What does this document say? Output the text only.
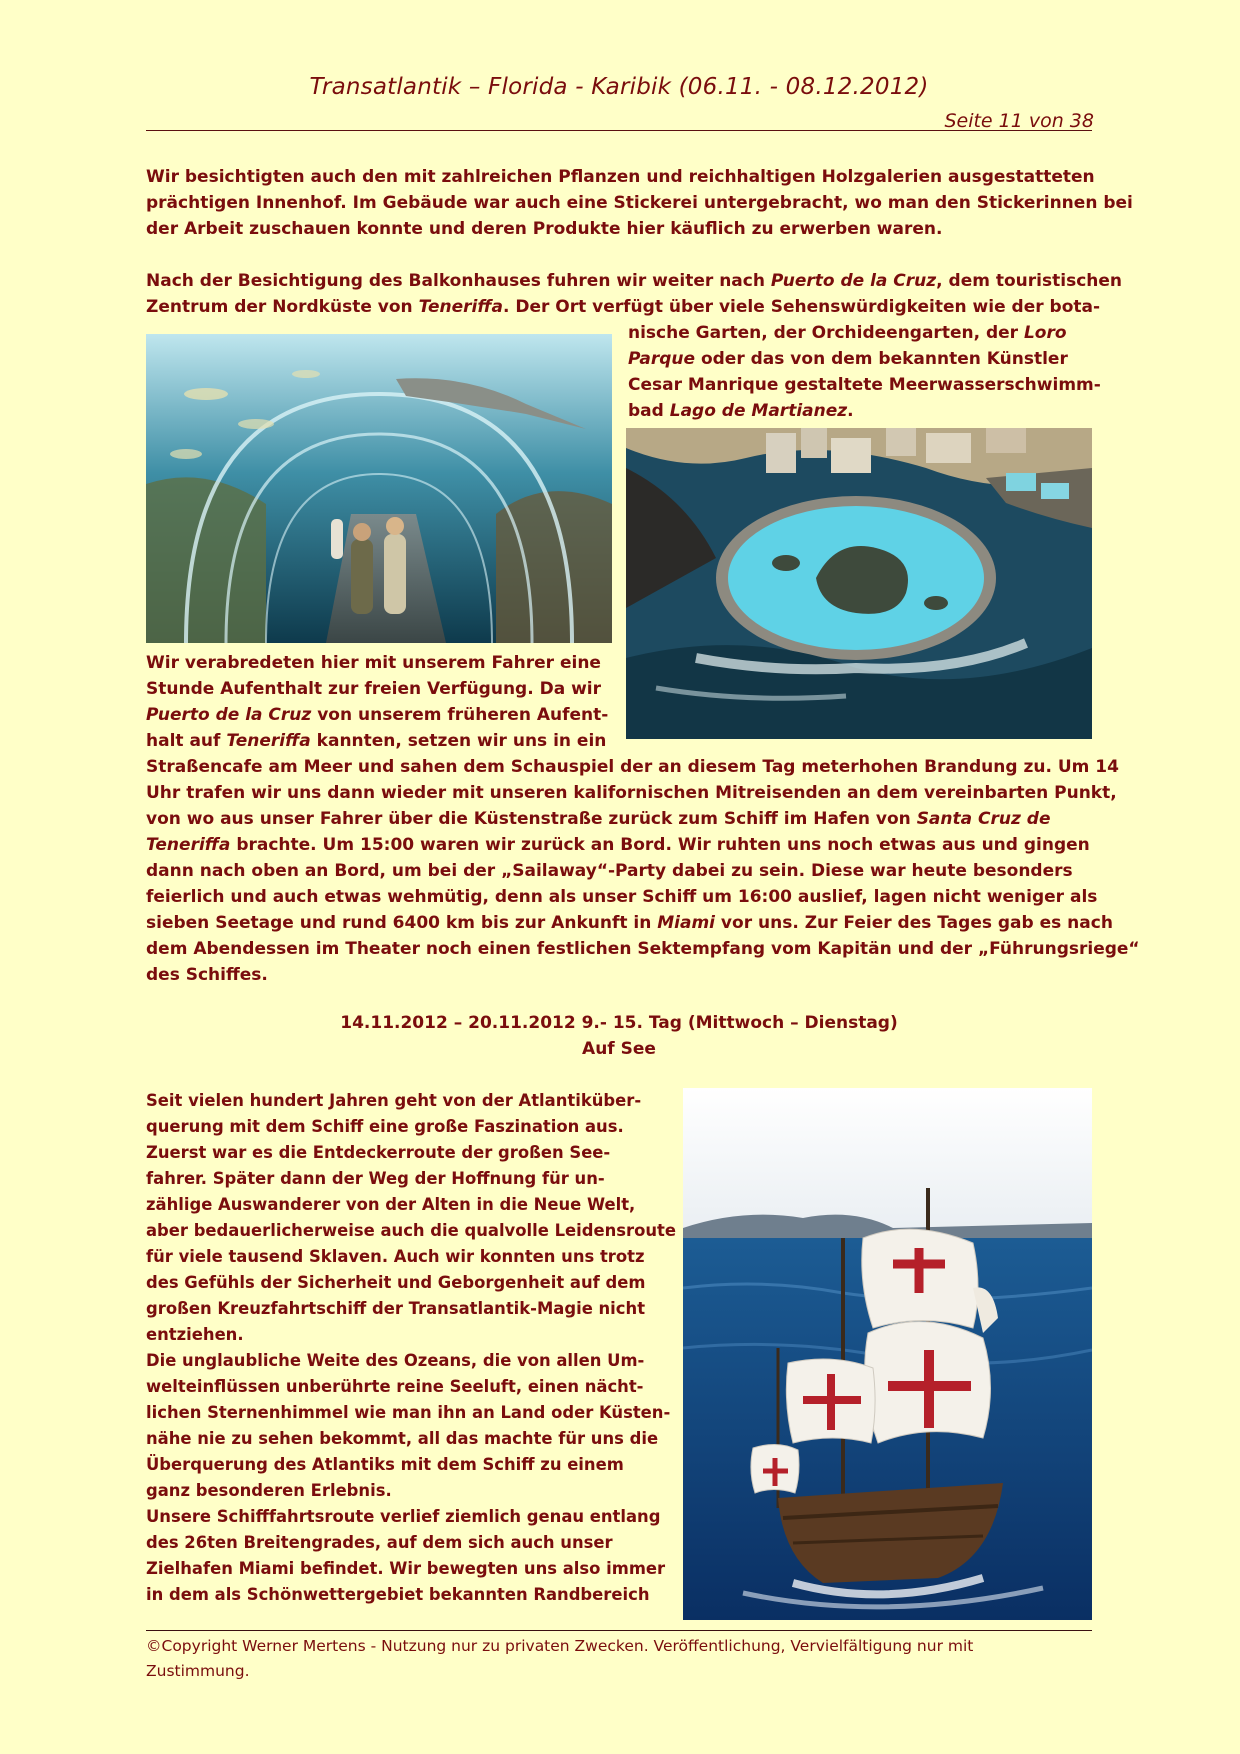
Transatlantik – Florida - Karibik (06.11. - 08.12.2012)
Seite 11 von 38
Wir besichtigten auch den mit zahlreichen Pflanzen und reichhaltigen Holzgalerien ausgestatteten
prächtigen Innenhof. Im Gebäude war auch eine Stickerei untergebracht, wo man den Stickerinnen bei
der Arbeit zuschauen konnte und deren Produkte hier käuflich zu erwerben waren.
Nach der Besichtigung des Balkonhauses fuhren wir weiter nach Puerto de la Cruz, dem touristischen
Zentrum der Nordküste von Teneriffa. Der Ort verfügt über viele Sehenswürdigkeiten wie der bota-
nische Garten, der Orchideengarten, der Loro
Parque oder das von dem bekannten Künstler
Cesar Manrique gestaltete Meerwasserschwimm-
bad Lago de Martianez.
Wir verabredeten hier mit unserem Fahrer eine
Stunde Aufenthalt zur freien Verfügung. Da wir
Puerto de la Cruz von unserem früheren Aufent-
halt auf Teneriffa kannten, setzen wir uns in ein
Straßencafe am Meer und sahen dem Schauspiel der an diesem Tag meterhohen Brandung zu. Um 14
Uhr trafen wir uns dann wieder mit unseren kalifornischen Mitreisenden an dem vereinbarten Punkt,
von wo aus unser Fahrer über die Küstenstraße zurück zum Schiff im Hafen von Santa Cruz de
Teneriffa brachte. Um 15:00 waren wir zurück an Bord. Wir ruhten uns noch etwas aus und gingen
dann nach oben an Bord, um bei der „Sailaway“-Party dabei zu sein. Diese war heute besonders
feierlich und auch etwas wehmütig, denn als unser Schiff um 16:00 auslief, lagen nicht weniger als
sieben Seetage und rund 6400 km bis zur Ankunft in Miami vor uns. Zur Feier des Tages gab es nach
dem Abendessen im Theater noch einen festlichen Sektempfang vom Kapitän und der „Führungsriege“
des Schiffes.
14.11.2012 – 20.11.2012 9.- 15. Tag (Mittwoch – Dienstag)
Auf See
Seit vielen hundert Jahren geht von der Atlantiküber-
querung mit dem Schiff eine große Faszination aus.
Zuerst war es die Entdeckerroute der großen See-
fahrer. Später dann der Weg der Hoffnung für un-
zählige Auswanderer von der Alten in die Neue Welt,
aber bedauerlicherweise auch die qualvolle Leidensroute
für viele tausend Sklaven. Auch wir konnten uns trotz
des Gefühls der Sicherheit und Geborgenheit auf dem
großen Kreuzfahrtschiff der Transatlantik-Magie nicht
entziehen.
Die unglaubliche Weite des Ozeans, die von allen Um-
welteinflüssen unberührte reine Seeluft, einen nächt-
lichen Sternenhimmel wie man ihn an Land oder Küsten-
nähe nie zu sehen bekommt, all das machte für uns die
Überquerung des Atlantiks mit dem Schiff zu einem
ganz besonderen Erlebnis.
Unsere Schifffahrtsroute verlief ziemlich genau entlang
des 26ten Breitengrades, auf dem sich auch unser
Zielhafen Miami befindet. Wir bewegten uns also immer
in dem als Schönwettergebiet bekannten Randbereich
©Copyright Werner Mertens - Nutzung nur zu privaten Zwecken. Veröffentlichung, Vervielfältigung nur mit
Zustimmung.
